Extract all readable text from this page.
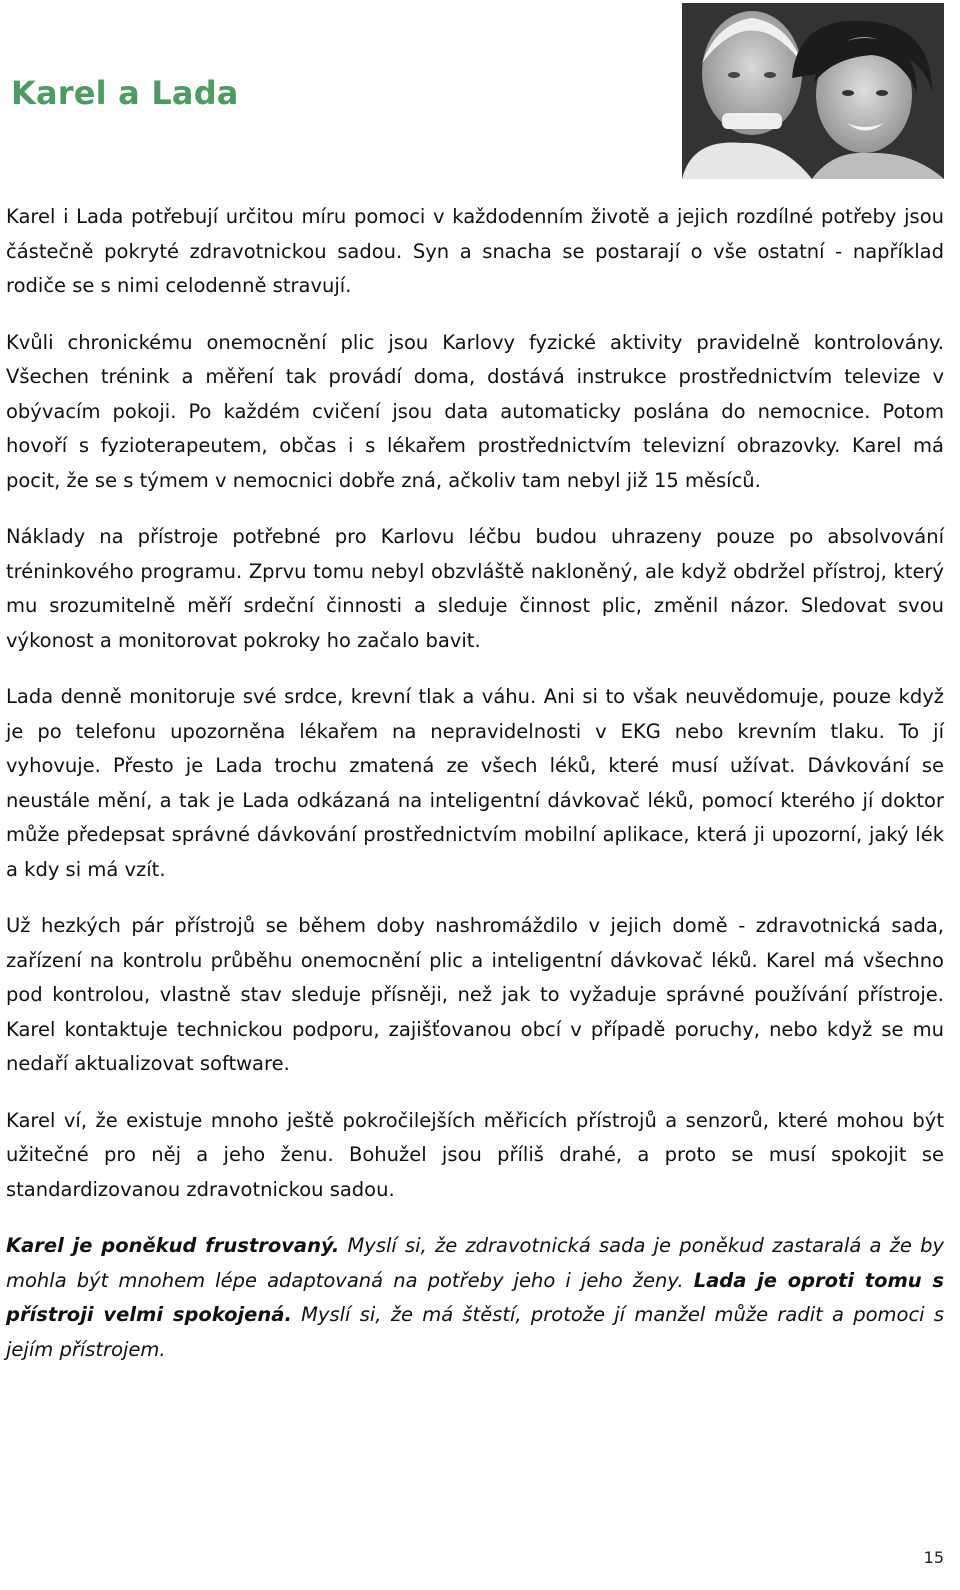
Karel a Lada

Karel i Lada potřebují určitou míru pomoci v každodenním životě a jejich rozdílné potřeby jsou částečně pokryté zdravotnickou sadou. Syn a snacha se postarají o vše ostatní - například rodiče se s nimi celodenně stravují.

Kvůli chronickému onemocnění plic jsou Karlovy fyzické aktivity pravidelně kontrolovány. Všechen trénink a měření tak provádí doma, dostává instrukce prostřednictvím televize v obývacím pokoji. Po každém cvičení jsou data automaticky poslána do nemocnice. Potom hovoří s fyzioterapeutem, občas i s lékařem prostřednictvím televizní obrazovky. Karel má pocit, že se s týmem v nemocnici dobře zná, ačkoliv tam nebyl již 15 měsíců.

Náklady na přístroje potřebné pro Karlovu léčbu budou uhrazeny pouze po absolvování tréninkového programu. Zprvu tomu nebyl obzvláště nakloněný, ale když obdržel přístroj, který mu srozumitelně měří srdeční činnosti a sleduje činnost plic, změnil názor. Sledovat svou výkonost a monitorovat pokroky ho začalo bavit.

Lada denně monitoruje své srdce, krevní tlak a váhu. Ani si to však neuvědomuje, pouze když je po telefonu upozorněna lékařem na nepravidelnosti v EKG nebo krevním tlaku. To jí vyhovuje. Přesto je Lada trochu zmatená ze všech léků, které musí užívat. Dávkování se neustále mění, a tak je Lada odkázaná na inteligentní dávkovač léků, pomocí kterého jí doktor může předepsat správné dávkování prostřednictvím mobilní aplikace, která ji upozorní, jaký lék a kdy si má vzít.

Už hezkých pár přístrojů se během doby nashromáždilo v jejich domě - zdravotnická sada, zařízení na kontrolu průběhu onemocnění plic a inteligentní dávkovač léků. Karel má všechno pod kontrolou, vlastně stav sleduje přísněji, než jak to vyžaduje správné používání přístroje. Karel kontaktuje technickou podporu, zajišťovanou obcí v případě poruchy, nebo když se mu nedaří aktualizovat software.

Karel ví, že existuje mnoho ještě pokročilejších měřicích přístrojů a senzorů, které mohou být užitečné pro něj a jeho ženu. Bohužel jsou příliš drahé, a proto se musí spokojit se standardizovanou zdravotnickou sadou.

Karel je poněkud frustrovaný. Myslí si, že zdravotnická sada je poněkud zastaralá a že by mohla být mnohem lépe adaptovaná na potřeby jeho i jeho ženy. Lada je oproti tomu s přístroji velmi spokojená. Myslí si, že má štěstí, protože jí manžel může radit a pomoci s jejím přístrojem.

15
